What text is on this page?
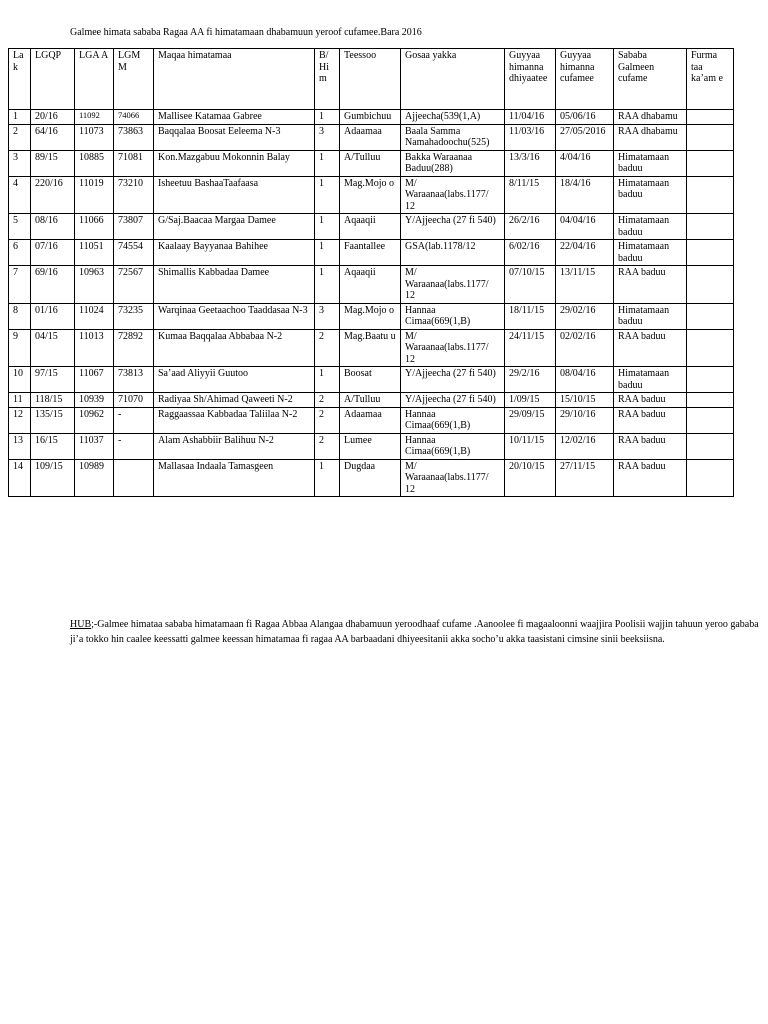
Galmee himata sababa Ragaa AA fi himatamaan dhabamuun yeroof cufamee.Bara 2016
La k	LGQP	LGA A	LGM M	Maqaa himatamaa	B/ Hi m	Teessoo	Gosaa yakka	Guyyaa himanna dhiyaatee	Guyyaa himanna cufamee	Sababa Galmeen cufame	Furma taa ka’am e
1	20/16	11092	74066	Mallisee Katamaa Gabree	1	Gumbichuu	Ajjeecha(539(1,A)	11/04/16	05/06/16	RAA dhabamu	
2	64/16	11073	73863	Baqqalaa Boosat Eeleema N-3	3	Adaamaa	Baala Samma Namahadoochu(525)	11/03/16	27/05/2016	RAA dhabamu	
3	89/15	10885	71081	Kon.Mazgabuu Mokonnin Balay	1	A/Tulluu	Bakka Waraanaa Baduu(288)	13/3/16	4/04/16	Himatamaan baduu	
4	220/16	11019	73210	Isheetuu BashaaTaafaasa	1	Mag.Mojo o	M/ Waraanaa(labs.1177/ 12	8/11/15	18/4/16	Himatamaan baduu	
5	08/16	11066	73807	G/Saj.Baacaa Margaa Damee	1	Aqaaqii	Y/Ajjeecha (27 fi 540)	26/2/16	04/04/16	Himatamaan baduu	
6	07/16	11051	74554	Kaalaay Bayyanaa Bahihee	1	Faantallee	GSA(lab.1178/12	6/02/16	22/04/16	Himatamaan baduu	
7	69/16	10963	72567	Shimallis Kabbadaa Damee	1	Aqaaqii	M/ Waraanaa(labs.1177/ 12	07/10/15	13/11/15	RAA baduu	
8	01/16	11024	73235	Warqinaa Geetaachoo Taaddasaa N-3	3	Mag.Mojo o	Hannaa Cimaa(669(1,B)	18/11/15	29/02/16	Himatamaan baduu	
9	04/15	11013	72892	Kumaa Baqqalaa Abbabaa N-2	2	Mag.Baatu u	M/ Waraanaa(labs.1177/ 12	24/11/15	02/02/16	RAA baduu	
10	97/15	11067	73813	Sa’aad Aliyyii Guutoo	1	Boosat	Y/Ajjeecha (27 fi 540)	29/2/16	08/04/16	Himatamaan baduu	
11	118/15	10939	71070	Radiyaa Sh/Ahimad Qaweeti N-2	2	A/Tulluu	Y/Ajjeecha (27 fi 540)	1/09/15	15/10/15	RAA baduu	
12	135/15	10962	-	Raggaassaa Kabbadaa Taliilaa N-2	2	Adaamaa	Hannaa Cimaa(669(1,B)	29/09/15	29/10/16	RAA baduu	
13	16/15	11037	-	Alam Ashabbiir Balihuu N-2	2	Lumee	Hannaa Cimaa(669(1,B)	10/11/15	12/02/16	RAA baduu	
14	109/15	10989		Mallasaa Indaala Tamasgeen	1	Dugdaa	M/ Waraanaa(labs.1177/ 12	20/10/15	27/11/15	RAA baduu	
HUB;-Galmee himataa sababa himatamaan fi Ragaa Abbaa Alangaa dhabamuun yeroodhaaf cufame .Aanoolee fi magaaloonni waajjira Poolisii wajjin tahuun yeroo gababa ji’a tokko hin caalee keessatti galmee keessan himatamaa fi ragaa AA barbaadani dhiyeesitanii akka socho’u akka taasistani cimsine sinii beeksiisna.
